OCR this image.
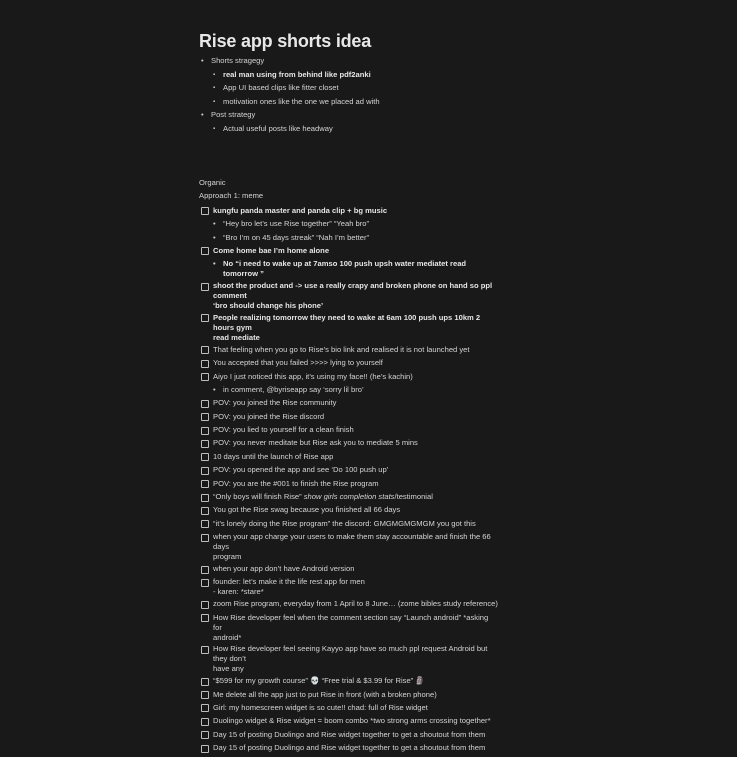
Rise app shorts idea
• Shorts stragegy
▪ real man using from behind like pdf2anki
▪ App UI based clips like fitter closet
▪ motivation ones like the one we placed ad with
• Post strategy
▪ Actual useful posts like headway

Organic

Approach 1: meme

kungfu panda master and panda clip + bg music
• “Hey bro let’s use Rise together” “Yeah bro”
• “Bro I’m on 45 days streak” “Nah I’m better”
Come home bae I’m home alone
• No “i need to wake up at 7amso 100 push upsh water mediatet read tomorrow ”
shoot the product and -> use a really crapy and broken phone on hand so ppl comment
‘bro should change his phone’
People realizing tomorrow they need to wake at 6am 100 push ups 10km 2 hours gym
read mediate
That feeling when you go to Rise’s bio link and realised it is not launched yet
You accepted that you failed >>>> lying to yourself
Aiyo I just noticed this app, it’s using my face!! (he’s kachin)
• in comment, @byriseapp say ‘sorry lil bro’
POV: you joined the Rise community
POV: you joined the Rise discord
POV: you lied to yourself for a clean finish
POV: you never meditate but Rise ask you to mediate 5 mins
10 days until the launch of Rise app
POV: you opened the app and see ‘Do 100 push up’
POV: you are the #001 to finish the Rise program
“Only boys will finish Rise” show girls completion stats/testimonial
You got the Rise swag because you finished all 66 days
“it’s lonely doing the Rise program” the discord: GMGMGMGMGM you got this
when your app charge your users to make them stay accountable and finish the 66 days
program
when your app don’t have Android version
founder: let’s make it the life rest app for men
- karen: *stare*
zoom Rise program, everyday from 1 April to 8 June… (zome bibles study reference)
How Rise developer feel when the comment section say “Launch android” *asking for
android*
How Rise developer feel seeing Kayyo app have so much ppl request Android but they don’t
have any
“$599 for my growth course” 💀 “Free trial & $3.99 for Rise” 🗿
Me delete all the app just to put Rise in front (with a broken phone)
Girl: my homescreen widget is so cute!! chad: full of Rise widget
Duolingo widget & Rise widget = boom combo *two strong arms crossing together*
Day 15 of posting Duolingo and Rise widget together to get a shoutout from them
Day 15 of posting Duolingo and Rise widget together to get a shoutout from them
